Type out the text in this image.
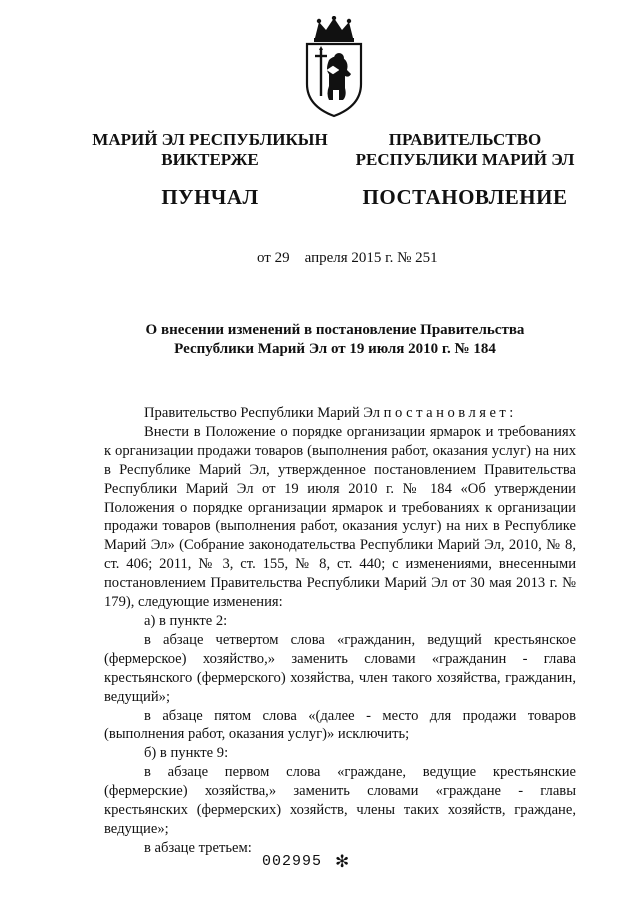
МАРИЙ ЭЛ РЕСПУБЛИКЫН
ВИКТЕРЖЕ
ПУНЧАЛ
ПРАВИТЕЛЬСТВО
РЕСПУБЛИКИ МАРИЙ ЭЛ
ПОСТАНОВЛЕНИЕ
от 29 апреля 2015 г. № 251
О внесении изменений в постановление Правительства
Республики Марий Эл от 19 июля 2010 г. № 184

Правительство Республики Марий Эл постановляет:

Внести в Положение о порядке организации ярмарок и требованиях к организации продажи товаров (выполнения работ, оказания услуг) на них в Республике Марий Эл, утвержденное постановлением Правительства Республики Марий Эл от 19 июля 2010 г. № 184 «Об утверждении Положения о порядке организации ярмарок и требованиях к организации продажи товаров (выполнения работ, оказания услуг) на них в Республике Марий Эл» (Собрание законодательства Республики Марий Эл, 2010, № 8, ст. 406; 2011, № 3, ст. 155, № 8, ст. 440; с изменениями, внесенными постановлением Правительства Республики Марий Эл от 30 мая 2013 г. № 179), следующие изменения:

а) в пункте 2:

в абзаце четвертом слова «гражданин, ведущий крестьянское (фермерское) хозяйство,» заменить словами «гражданин - глава крестьянского (фермерского) хозяйства, член такого хозяйства, гражданин, ведущий»;

в абзаце пятом слова «(далее - место для продажи товаров (выполнения работ, оказания услуг)» исключить;

б) в пункте 9:

в абзаце первом слова «граждане, ведущие крестьянские (фермерские) хозяйства,» заменить словами «граждане - главы крестьянских (фермерских) хозяйств, члены таких хозяйств, граждане, ведущие»;

в абзаце третьем:

002995 ✻
